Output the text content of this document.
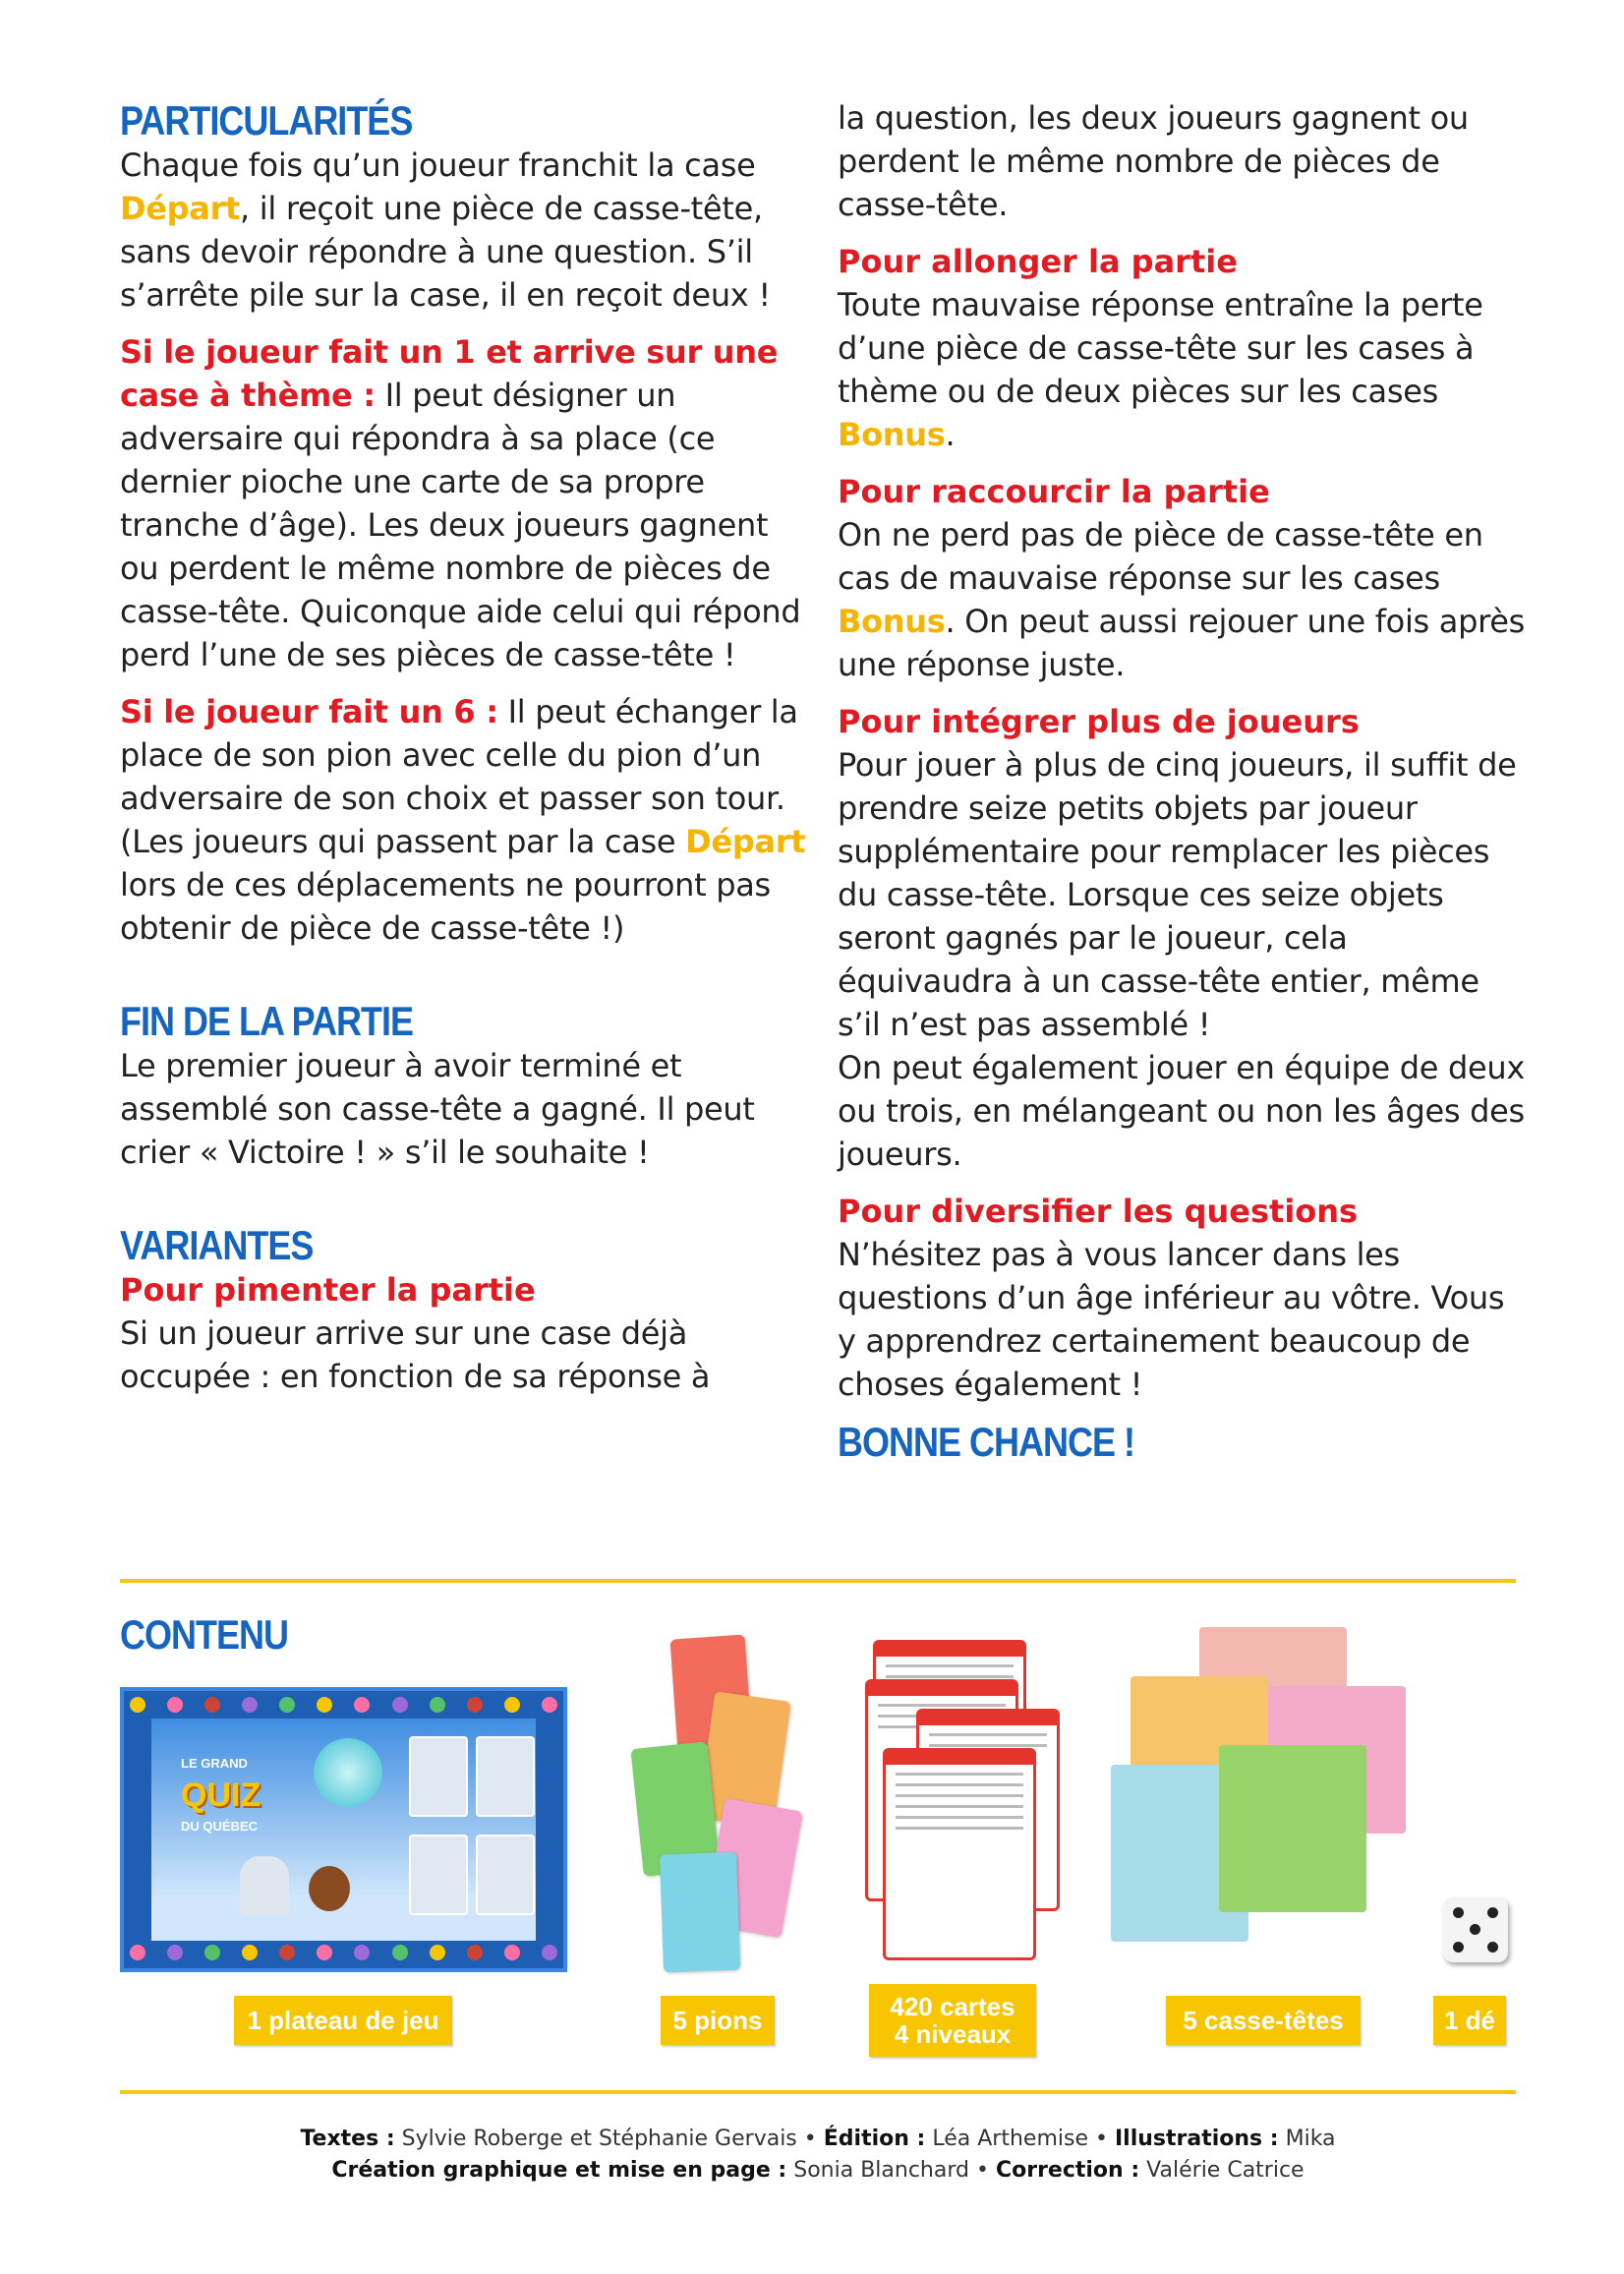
PARTICULARITÉS

Chaque fois qu’un joueur franchit la case Départ, il reçoit une pièce de casse-tête, sans devoir répondre à une question. S’il s’arrête pile sur la case, il en reçoit deux !

Si le joueur fait un 1 et arrive sur une case à thème : Il peut désigner un adversaire qui répondra à sa place (ce dernier pioche une carte de sa propre tranche d’âge). Les deux joueurs gagnent ou perdent le même nombre de pièces de casse-tête. Quiconque aide celui qui répond perd l’une de ses pièces de casse-tête !

Si le joueur fait un 6 : Il peut échanger la place de son pion avec celle du pion d’un adversaire de son choix et passer son tour. (Les joueurs qui passent par la case Départ lors de ces déplacements ne pourront pas obtenir de pièce de casse-tête !)

FIN DE LA PARTIE

Le premier joueur à avoir terminé et assemblé son casse-tête a gagné. Il peut crier « Victoire ! » s’il le souhaite !

VARIANTES

Pour pimenter la partie

Si un joueur arrive sur une case déjà occupée : en fonction de sa réponse à

la question, les deux joueurs gagnent ou perdent le même nombre de pièces de casse-tête.

Pour allonger la partie

Toute mauvaise réponse entraîne la perte d’une pièce de casse-tête sur les cases à thème ou de deux pièces sur les cases Bonus.

Pour raccourcir la partie

On ne perd pas de pièce de casse-tête en cas de mauvaise réponse sur les cases Bonus. On peut aussi rejouer une fois après une réponse juste.

Pour intégrer plus de joueurs

Pour jouer à plus de cinq joueurs, il suffit de prendre seize petits objets par joueur supplémentaire pour remplacer les pièces du casse-tête. Lorsque ces seize objets seront gagnés par le joueur, cela équivaudra à un casse-tête entier, même s’il n’est pas assemblé !

On peut également jouer en équipe de deux ou trois, en mélangeant ou non les âges des joueurs.

Pour diversifier les questions

N’hésitez pas à vous lancer dans les questions d’un âge inférieur au vôtre. Vous y apprendrez certainement beaucoup de choses également !

BONNE CHANCE !
CONTENU
LE GRAND
QUIZ
DU QUÉBEC
1 plateau de jeu	5 pions	420 cartes
4 niveaux	5 casse-têtes	1 dé
Textes : Sylvie Roberge et Stéphanie Gervais • Édition : Léa Arthemise • Illustrations : Mika
Création graphique et mise en page : Sonia Blanchard • Correction : Valérie Catrice
